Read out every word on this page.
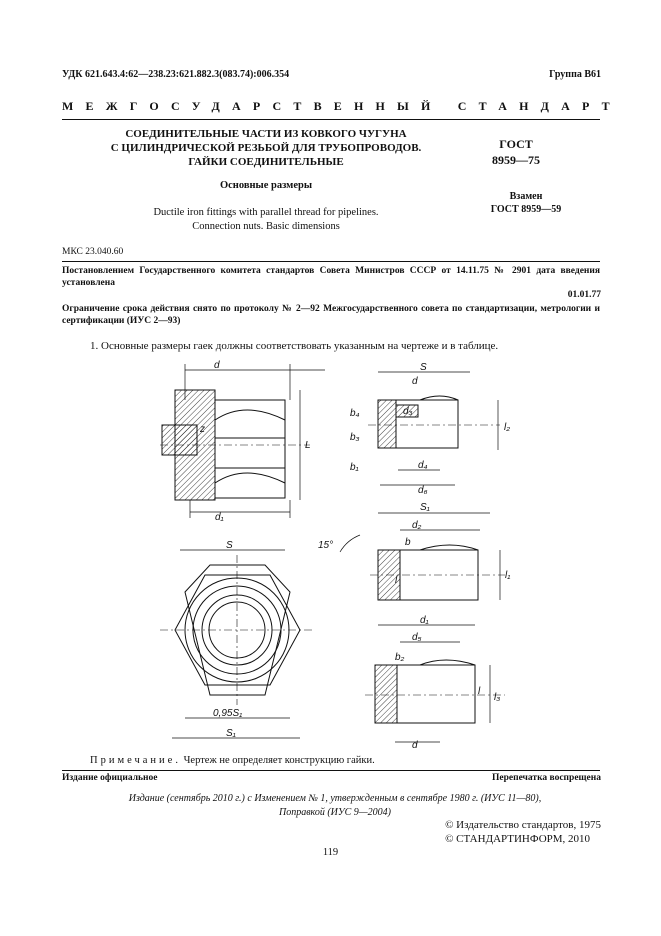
УДК 621.643.4:62—238.23:621.882.3(083.74):006.354	Группа В61
МЕЖГОСУДАРСТВЕННЫЙ СТАНДАРТ
СОЕДИНИТЕЛЬНЫЕ ЧАСТИ ИЗ КОВКОГО ЧУГУНА
С ЦИЛИНДРИЧЕСКОЙ РЕЗЬБОЙ ДЛЯ ТРУБОПРОВОДОВ.
ГАЙКИ СОЕДИНИТЕЛЬНЫЕ
Основные размеры
Ductile iron fittings with parallel thread for pipelines.
Connection nuts. Basic dimensions
ГОСТ
8959—75
Взамен
ГОСТ 8959—59
МКС 23.040.60
Постановлением Государственного комитета стандартов Совета Министров СССР от 14.11.75 № 2901 дата введения установлена
01.01.77
Ограничение срока действия снято по протоколу № 2—92 Межгосударственного совета по стандартизации, метрологии и сертификации (ИУС 2—93)
1. Основные размеры гаек должны соответствовать указанным на чертеже и в таблице.
d
z
L
d₁
S
0,95S₁
S₁
S
d
d₃
b₄
b₃
b₁
l₂
d₄
d₆
S₁
d₂
b
l	l₁
15°
d₁
d₅
b₂
l
l₃
d
Примечание. Чертеж не определяет конструкцию гайки.
Издание официальное	Перепечатка воспрещена
Издание (сентябрь 2010 г.) с Изменением № 1, утвержденным в сентябре 1980 г. (ИУС 11—80),
Поправкой (ИУС 9—2004)
© Издательство стандартов, 1975
© СТАНДАРТИНФОРМ, 2010
119
